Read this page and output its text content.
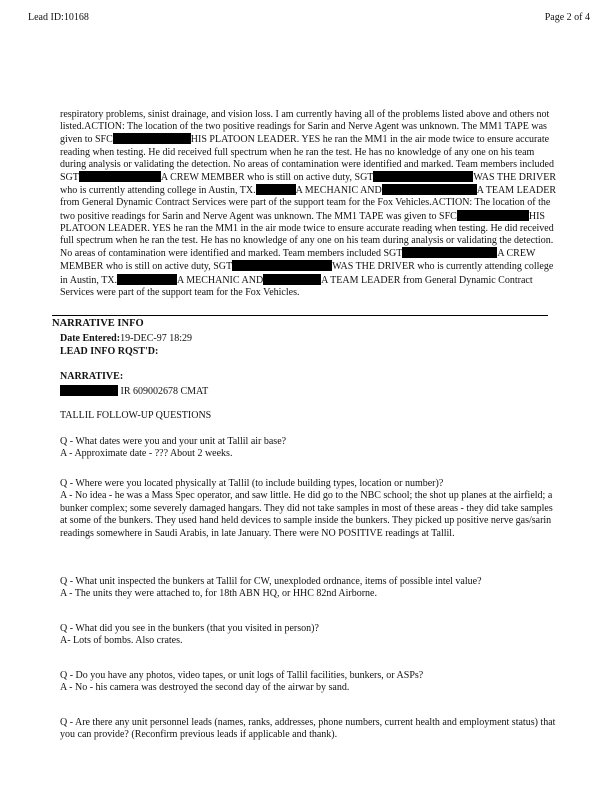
Lead ID:10168	Page 2 of 4
respiratory problems, sinist drainage, and vision loss. I am currently having all of the problems listed above and others not listed.ACTION: The location of the two positive readings for Sarin and Nerve Agent was unknown. The MM1 TAPE was given to SFC	HIS PLATOON LEADER. YES he ran the MM1 in the air mode twice to ensure accurate reading when testing. He did received full spectrum when he ran the test. He has no knowledge of any one on his team during analysis or validating the detection. No areas of contamination were identified and marked. Team members included SGT	A CREW MEMBER who is still on active duty, SGT	WAS THE DRIVER who is currently attending college in Austin, TX.	A MECHANIC AND	A TEAM LEADER from General Dynamic Contract Services were part of the support team for the Fox Vehicles.ACTION: The location of the two positive readings for Sarin and Nerve Agent was unknown. The MM1 TAPE was given to SFC	HIS PLATOON LEADER. YES he ran the MM1 in the air mode twice to ensure accurate reading when testing. He did received full spectrum when he ran the test. He has no knowledge of any one on his team during analysis or validating the detection. No areas of contamination were identified and marked. Team members included SGT	A CREW MEMBER who is still on active duty, SGT	WAS THE DRIVER who is currently attending college in Austin, TX.	A MECHANIC AND	A TEAM LEADER from General Dynamic Contract Services were part of the support team for the Fox Vehicles.
NARRATIVE INFO
Date Entered:19-DEC-97 18:29
LEAD INFO RQST'D:
NARRATIVE:
IR 609002678 CMAT
TALLIL FOLLOW-UP QUESTIONS
Q - What dates were you and your unit at Tallil air base?
A - Approximate date - ??? About 2 weeks.
Q - Where were you located physically at Tallil (to include building types, location or number)?
A - No idea - he was a Mass Spec operator, and saw little. He did go to the NBC school; the shot up planes at the airfield; a bunker complex; some severely damaged hangars. They did not take samples in most of these areas - they did take samples at some of the bunkers. They used hand held devices to sample inside the bunkers. They picked up positive nerve gas/sarin readings somewhere in Saudi Arabis, in late January. There were NO POSITIVE readings at Tallil.
Q - What unit inspected the bunkers at Tallil for CW, unexploded ordnance, items of possible intel value?
A - The units they were attached to, for 18th ABN HQ, or HHC 82nd Airborne.
Q - What did you see in the bunkers (that you visited in person)?
A- Lots of bombs. Also crates.
Q - Do you have any photos, video tapes, or unit logs of Tallil facilities, bunkers, or ASPs?
A - No - his camera was destroyed the second day of the airwar by sand.
Q - Are there any unit personnel leads (names, ranks, addresses, phone numbers, current health and employment status) that you can provide? (Reconfirm previous leads if applicable and thank).
